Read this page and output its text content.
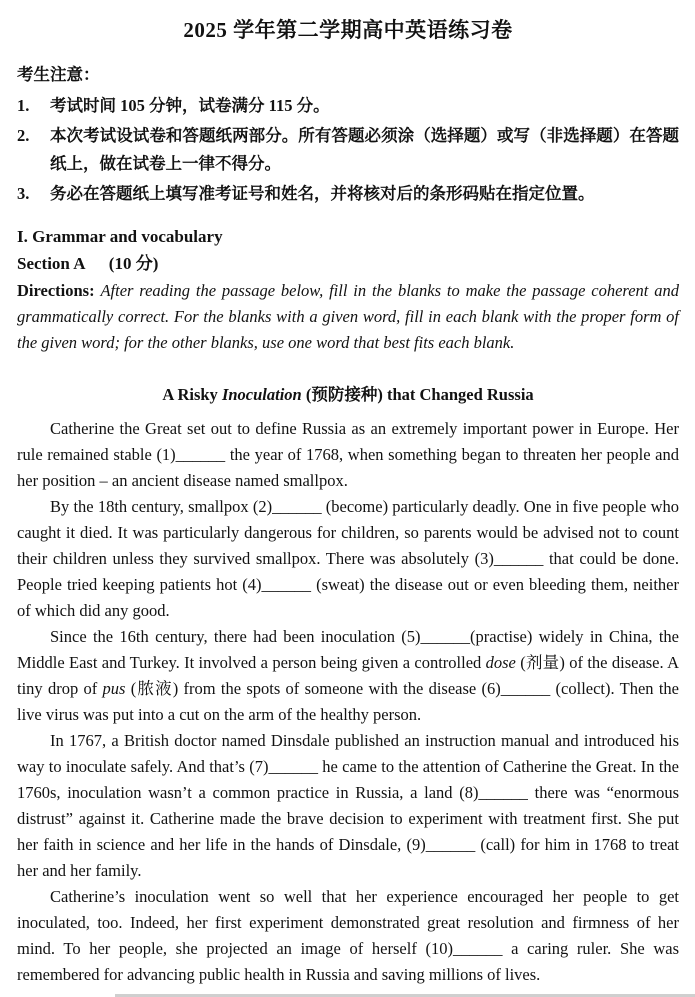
2025 学年第二学期高中英语练习卷
考生注意：
1.	考试时间 105 分钟，试卷满分 115 分。
2.	本次考试设试卷和答题纸两部分。所有答题必须涂（选择题）或写（非选择题）在答题纸上，做在试卷上一律不得分。
3.	务必在答题纸上填写准考证号和姓名，并将核对后的条形码贴在指定位置。
I. Grammar and vocabulary
Section A (10 分)

Directions: After reading the passage below, fill in the blanks to make the passage coherent and grammatically correct. For the blanks with a given word, fill in each blank with the proper form of the given word; for the other blanks, use one word that best fits each blank.

A Risky Inoculation (预防接种) that Changed Russia

Catherine the Great set out to define Russia as an extremely important power in Europe. Her rule remained stable (1)______ the year of 1768, when something began to threaten her people and her position – an ancient disease named smallpox.

By the 18th century, smallpox (2)______ (become) particularly deadly. One in five people who caught it died. It was particularly dangerous for children, so parents would be advised not to count their children unless they survived smallpox. There was absolutely (3)______ that could be done. People tried keeping patients hot (4)______ (sweat) the disease out or even bleeding them, neither of which did any good.

Since the 16th century, there had been inoculation (5)______(practise) widely in China, the Middle East and Turkey. It involved a person being given a controlled dose (剂量) of the disease. A tiny drop of pus (脓液) from the spots of someone with the disease (6)______ (collect). Then the live virus was put into a cut on the arm of the healthy person.

In 1767, a British doctor named Dinsdale published an instruction manual and introduced his way to inoculate safely. And that’s (7)______ he came to the attention of Catherine the Great. In the 1760s, inoculation wasn’t a common practice in Russia, a land (8)______ there was “enormous distrust” against it. Catherine made the brave decision to experiment with treatment first. She put her faith in science and her life in the hands of Dinsdale, (9)______ (call) for him in 1768 to treat her and her family.

Catherine’s inoculation went so well that her experience encouraged her people to get inoculated, too. Indeed, her first experiment demonstrated great resolution and firmness of her mind. To her people, she projected an image of herself (10)______ a caring ruler. She was remembered for advancing public health in Russia and saving millions of lives.
